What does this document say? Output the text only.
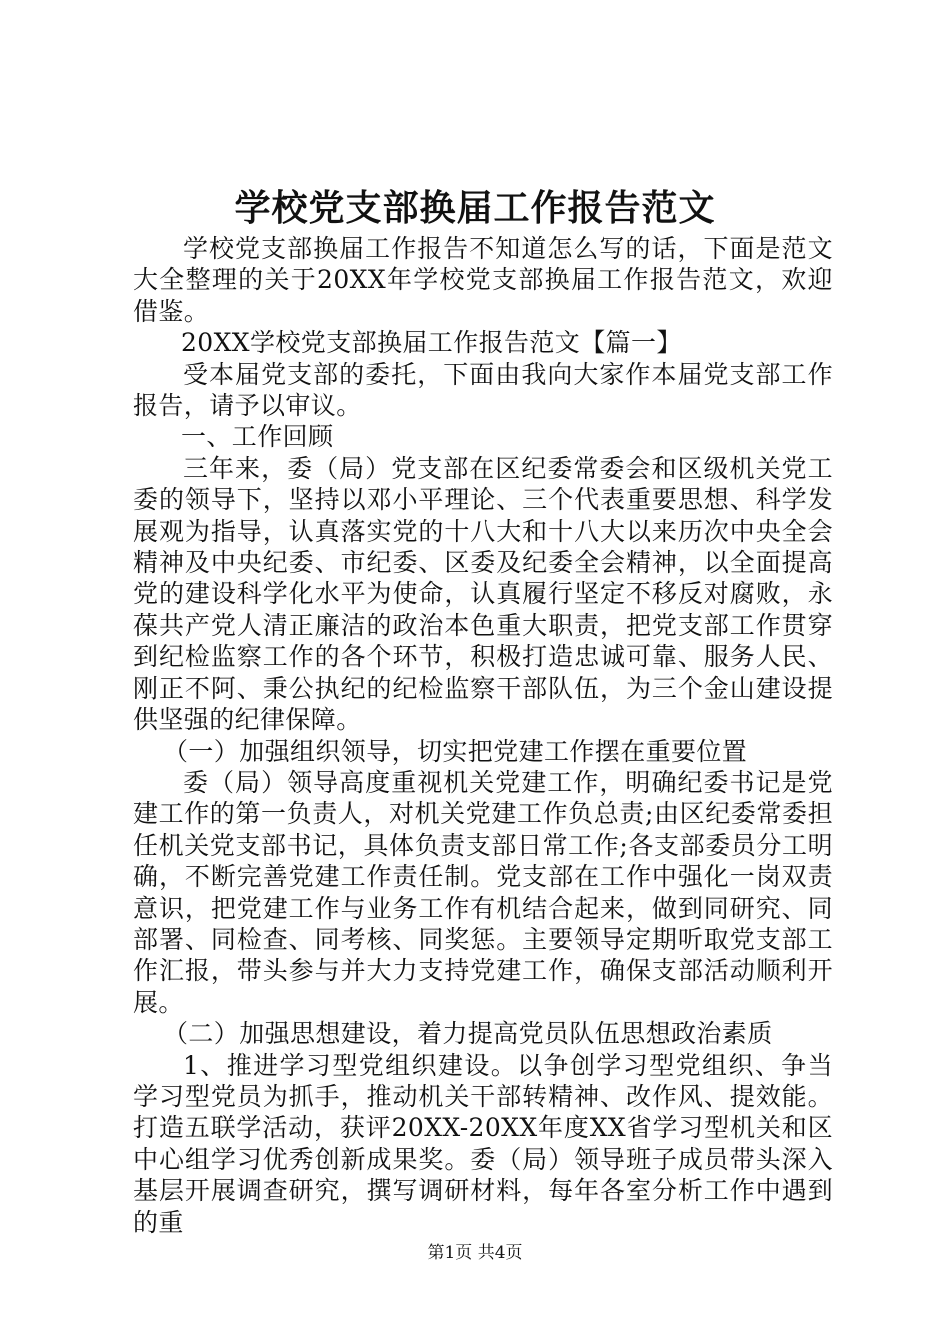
学校党支部换届工作报告范文

学校党支部换届工作报告不知道怎么写的话，下面是范文大全整理的关于20XX年学校党支部换届工作报告范文，欢迎借鉴。

20XX学校党支部换届工作报告范文【篇一】

受本届党支部的委托，下面由我向大家作本届党支部工作报告，请予以审议。

一、工作回顾

三年来，委（局）党支部在区纪委常委会和区级机关党工委的领导下，坚持以邓小平理论、三个代表重要思想、科学发展观为指导，认真落实党的十八大和十八大以来历次中央全会精神及中央纪委、市纪委、区委及纪委全会精神，以全面提高党的建设科学化水平为使命，认真履行坚定不移反对腐败，永葆共产党人清正廉洁的政治本色重大职责，把党支部工作贯穿到纪检监察工作的各个环节，积极打造忠诚可靠、服务人民、刚正不阿、秉公执纪的纪检监察干部队伍，为三个金山建设提供坚强的纪律保障。

（一）加强组织领导，切实把党建工作摆在重要位置

委（局）领导高度重视机关党建工作，明确纪委书记是党建工作的第一负责人，对机关党建工作负总责;由区纪委常委担任机关党支部书记，具体负责支部日常工作;各支部委员分工明确，不断完善党建工作责任制。党支部在工作中强化一岗双责意识，把党建工作与业务工作有机结合起来，做到同研究、同部署、同检查、同考核、同奖惩。主要领导定期听取党支部工作汇报，带头参与并大力支持党建工作，确保支部活动顺利开展。

（二）加强思想建设，着力提高党员队伍思想政治素质

1、推进学习型党组织建设。以争创学习型党组织、争当学习型党员为抓手，推动机关干部转精神、改作风、提效能。打造五联学活动，获评20XX-20XX年度XX省学习型机关和区中心组学习优秀创新成果奖。委（局）领导班子成员带头深入基层开展调查研究，撰写调研材料，每年各室分析工作中遇到的重

第1页 共4页
